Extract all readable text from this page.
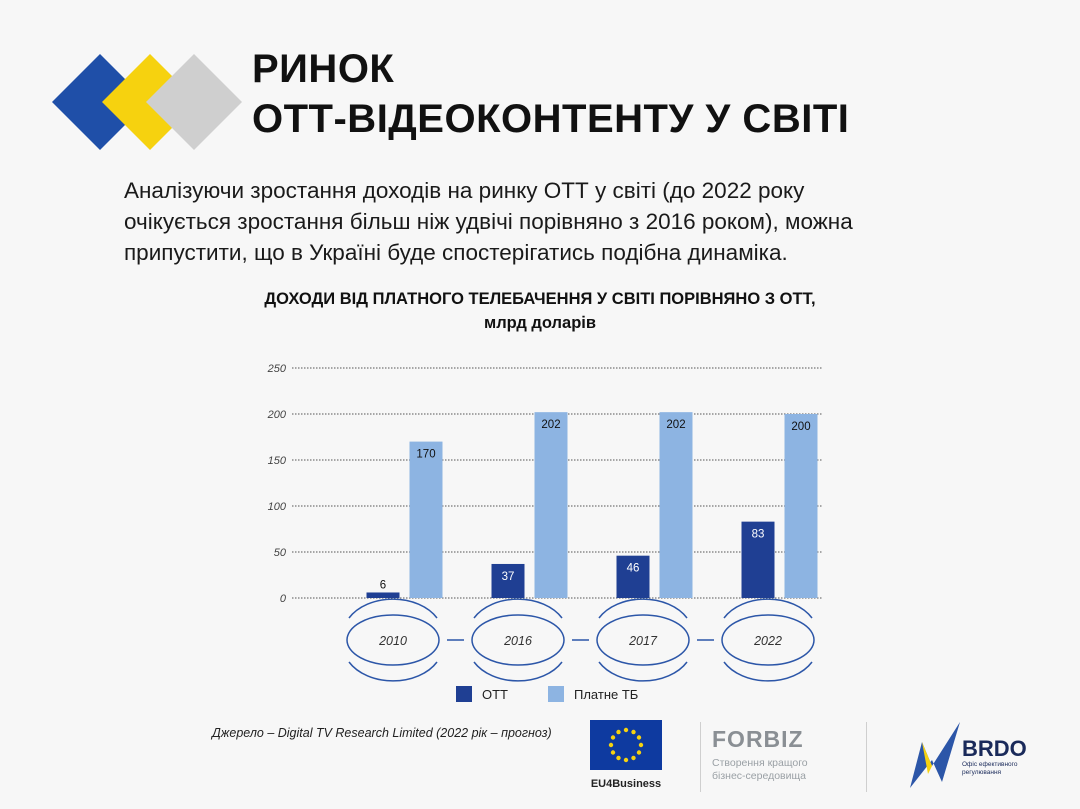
РИНОК
ОТТ-ВІДЕОКОНТЕНТУ У СВІТІ
Аналізуючи зростання доходів на ринку ОТТ у світі (до 2022 року
очікується зростання більш ніж удвічі порівняно з 2016 роком), можна
припустити, що в Україні буде спостерігатись подібна динаміка.
ДОХОДИ ВІД ПЛАТНОГО ТЕЛЕБАЧЕННЯ У СВІТІ ПОРІВНЯНО З ОТТ,
млрд доларів
0
50
100
150
200
250
6
170
37
202
46
202
83
200
2010	2016	2017	2022
ОТТ	Платне ТБ
Джерело – Digital TV Research Limited (2022 рік – прогноз)
EU4Business
FORBIZ
Створення кращого
бізнес-середовища
BRDO
Офіс ефективного
регулювання
